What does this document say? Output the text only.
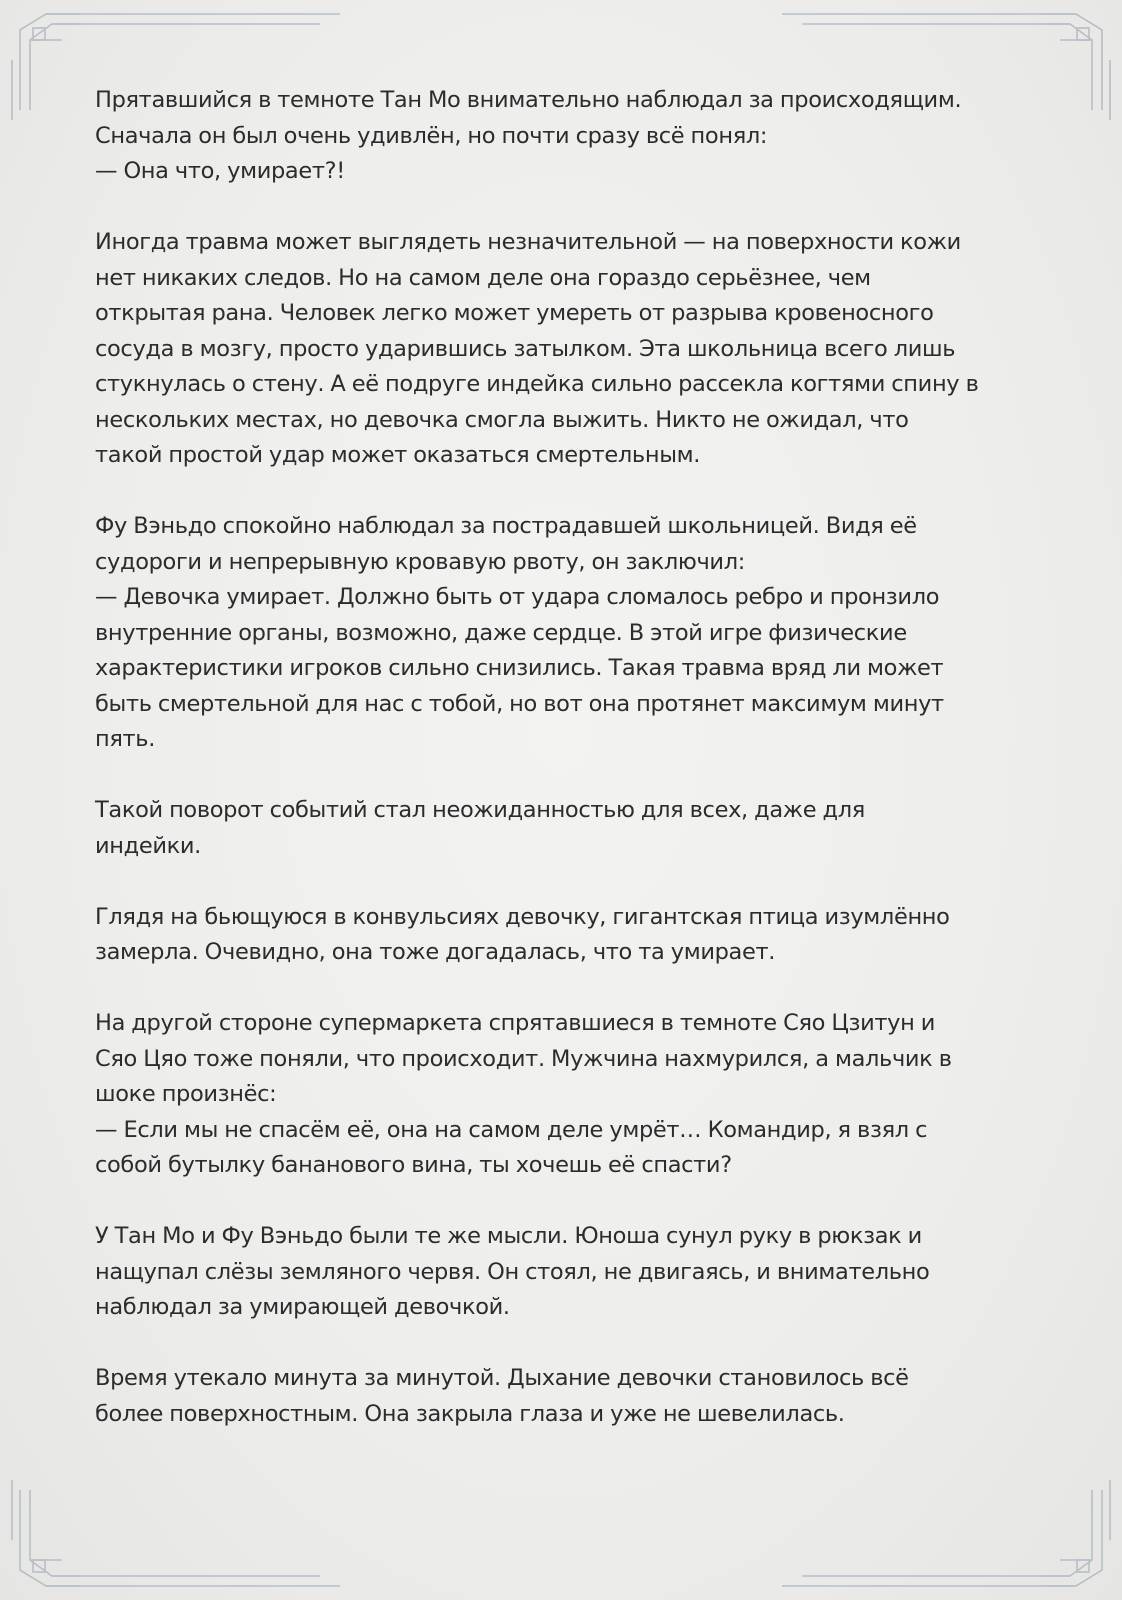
Прятавшийся в темноте Тан Мо внимательно наблюдал за происходящим.
Сначала он был очень удивлён, но почти сразу всё понял:
— Она что, умирает?!

Иногда травма может выглядеть незначительной — на поверхности кожи
нет никаких следов. Но на самом деле она гораздо серьёзнее, чем
открытая рана. Человек легко может умереть от разрыва кровеносного
сосуда в мозгу, просто ударившись затылком. Эта школьница всего лишь
стукнулась о стену. А её подруге индейка сильно рассекла когтями спину в
нескольких местах, но девочка смогла выжить. Никто не ожидал, что
такой простой удар может оказаться смертельным.

Фу Вэньдо спокойно наблюдал за пострадавшей школьницей. Видя её
судороги и непрерывную кровавую рвоту, он заключил:
— Девочка умирает. Должно быть от удара сломалось ребро и пронзило
внутренние органы, возможно, даже сердце. В этой игре физические
характеристики игроков сильно снизились. Такая травма вряд ли может
быть смертельной для нас с тобой, но вот она протянет максимум минут
пять.

Такой поворот событий стал неожиданностью для всех, даже для
индейки.

Глядя на бьющуюся в конвульсиях девочку, гигантская птица изумлённо
замерла. Очевидно, она тоже догадалась, что та умирает.

На другой стороне супермаркета спрятавшиеся в темноте Сяо Цзитун и
Сяо Цяо тоже поняли, что происходит. Мужчина нахмурился, а мальчик в
шоке произнёс:
— Если мы не спасём её, она на самом деле умрёт… Командир, я взял с
собой бутылку бананового вина, ты хочешь её спасти?

У Тан Мо и Фу Вэньдо были те же мысли. Юноша сунул руку в рюкзак и
нащупал слёзы земляного червя. Он стоял, не двигаясь, и внимательно
наблюдал за умирающей девочкой.

Время утекало минута за минутой. Дыхание девочки становилось всё
более поверхностным. Она закрыла глаза и уже не шевелилась.
